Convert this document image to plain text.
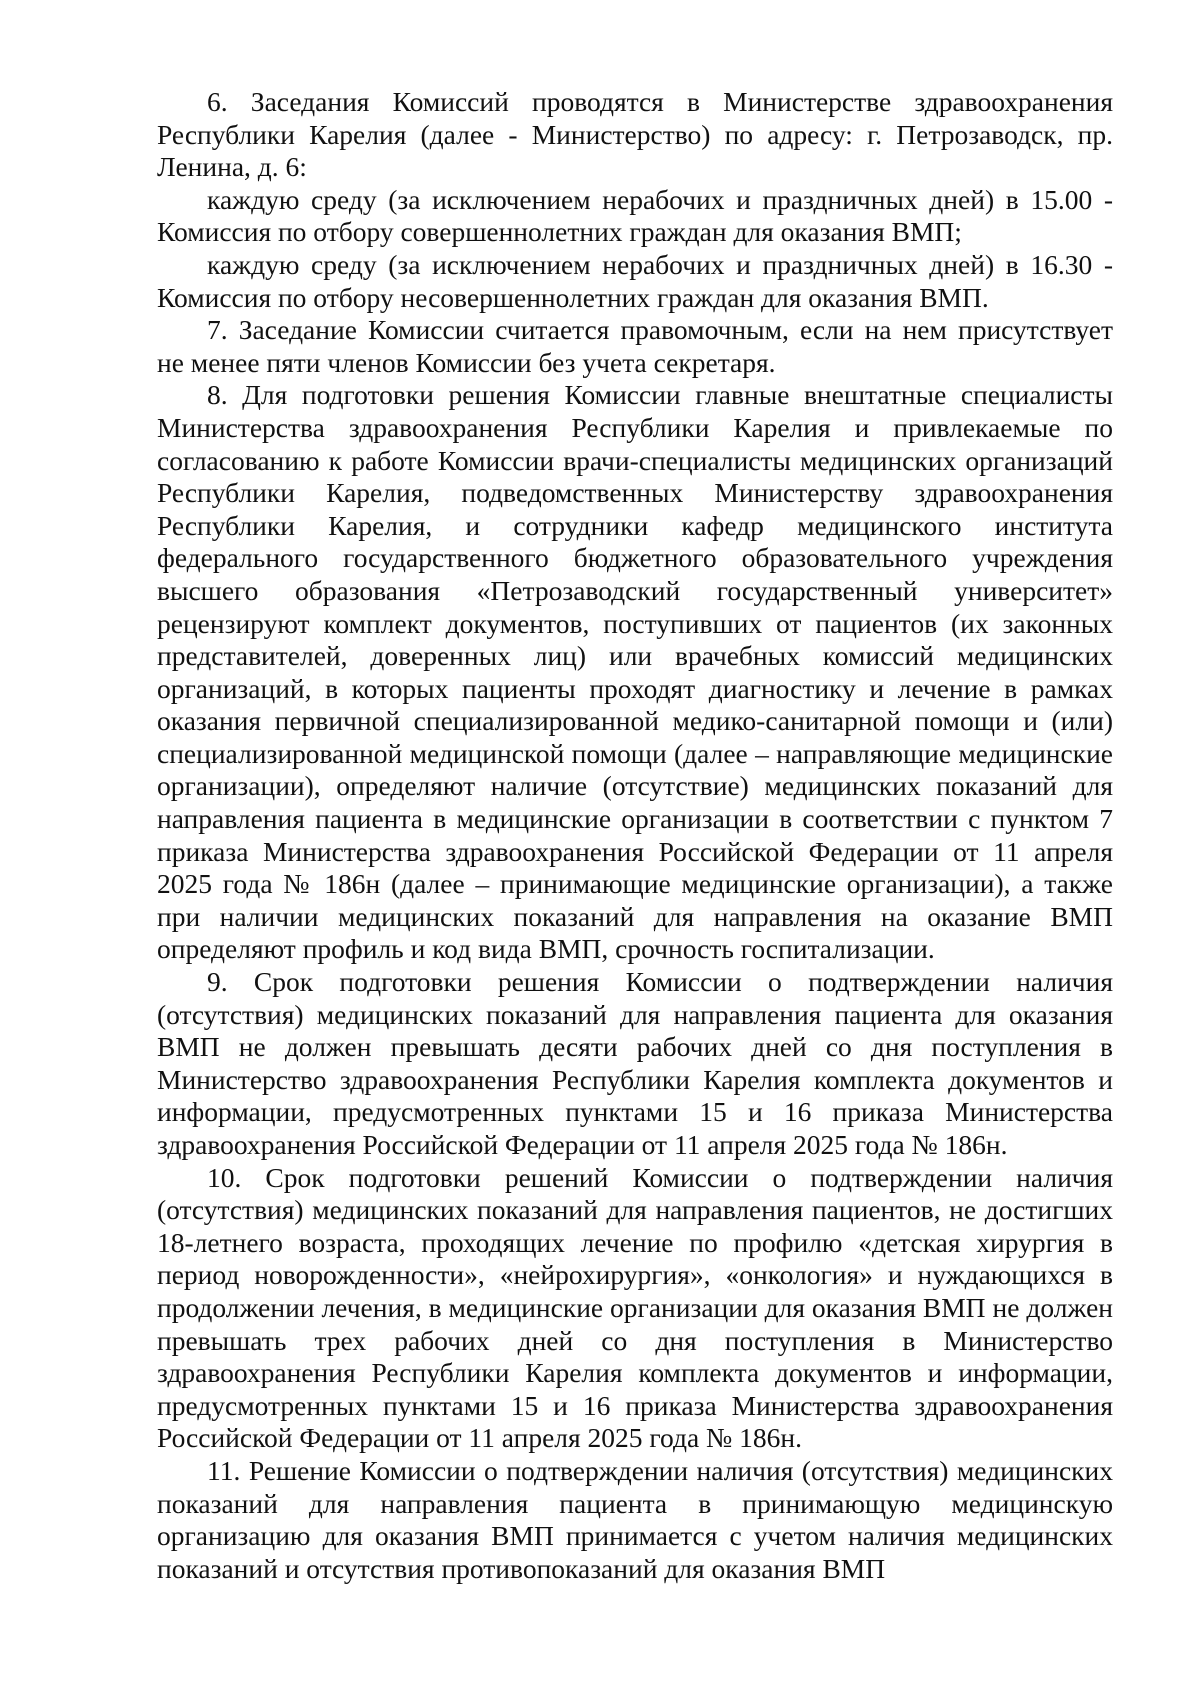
6. Заседания Комиссий проводятся в Министерстве здравоохранения Республики Карелия (далее - Министерство) по адресу: г. Петрозаводск, пр. Ленина, д. 6:

каждую среду (за исключением нерабочих и праздничных дней) в 15.00 - Комиссия по отбору совершеннолетних граждан для оказания ВМП;

каждую среду (за исключением нерабочих и праздничных дней) в 16.30 - Комиссия по отбору несовершеннолетних граждан для оказания ВМП.

7. Заседание Комиссии считается правомочным, если на нем присутствует не менее пяти членов Комиссии без учета секретаря.

8. Для подготовки решения Комиссии главные внештатные специалисты Министерства здравоохранения Республики Карелия и привлекаемые по согласованию к работе Комиссии врачи-специалисты медицинских организаций Республики Карелия, подведомственных Министерству здравоохранения Республики Карелия, и сотрудники кафедр медицинского института федерального государственного бюджетного образовательного учреждения высшего образования «Петрозаводский государственный университет» рецензируют комплект документов, поступивших от пациентов (их законных представителей, доверенных лиц) или врачебных комиссий медицинских организаций, в которых пациенты проходят диагностику и лечение в рамках оказания первичной специализированной медико-санитарной помощи и (или) специализированной медицинской помощи (далее – направляющие медицинские организации), определяют наличие (отсутствие) медицинских показаний для направления пациента в медицинские организации в соответствии с пунктом 7 приказа Министерства здравоохранения Российской Федерации от 11 апреля 2025 года № 186н (далее – принимающие медицинские организации), а также при наличии медицинских показаний для направления на оказание ВМП определяют профиль и код вида ВМП, срочность госпитализации.

9. Срок подготовки решения Комиссии о подтверждении наличия (отсутствия) медицинских показаний для направления пациента для оказания ВМП не должен превышать десяти рабочих дней со дня поступления в Министерство здравоохранения Республики Карелия комплекта документов и информации, предусмотренных пунктами 15 и 16 приказа Министерства здравоохранения Российской Федерации от 11 апреля 2025 года № 186н.

10. Срок подготовки решений Комиссии о подтверждении наличия (отсутствия) медицинских показаний для направления пациентов, не достигших 18-летнего возраста, проходящих лечение по профилю «детская хирургия в период новорожденности», «нейрохирургия», «онкология» и нуждающихся в продолжении лечения, в медицинские организации для оказания ВМП не должен превышать трех рабочих дней со дня поступления в Министерство здравоохранения Республики Карелия комплекта документов и информации, предусмотренных пунктами 15 и 16 приказа Министерства здравоохранения Российской Федерации от 11 апреля 2025 года № 186н.

11. Решение Комиссии о подтверждении наличия (отсутствия) медицинских показаний для направления пациента в принимающую медицинскую организацию для оказания ВМП принимается с учетом наличия медицинских показаний и отсутствия противопоказаний для оказания ВМП
